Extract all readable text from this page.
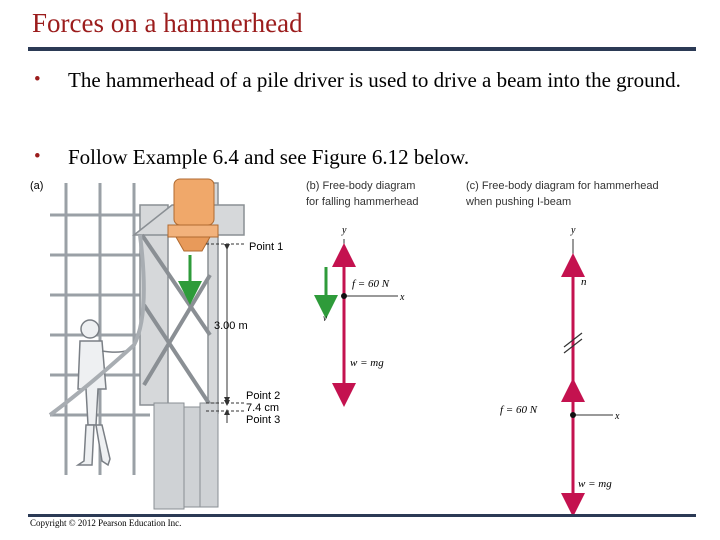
Forces on a hammerhead
• The hammerhead of a pile driver is used to drive a beam into the ground.
• Follow Example 6.4 and see Figure 6.12 below.
(a)
Point 1
3.00 m
Point 2
7.4 cm
Point 3
(b) Free-body diagram
for falling hammerhead
y
x
v
f = 60 N
w = mg
(c) Free-body diagram for hammerhead
when pushing I-beam
y
x
n
f = 60 N
w = mg
Copyright © 2012 Pearson Education Inc.
